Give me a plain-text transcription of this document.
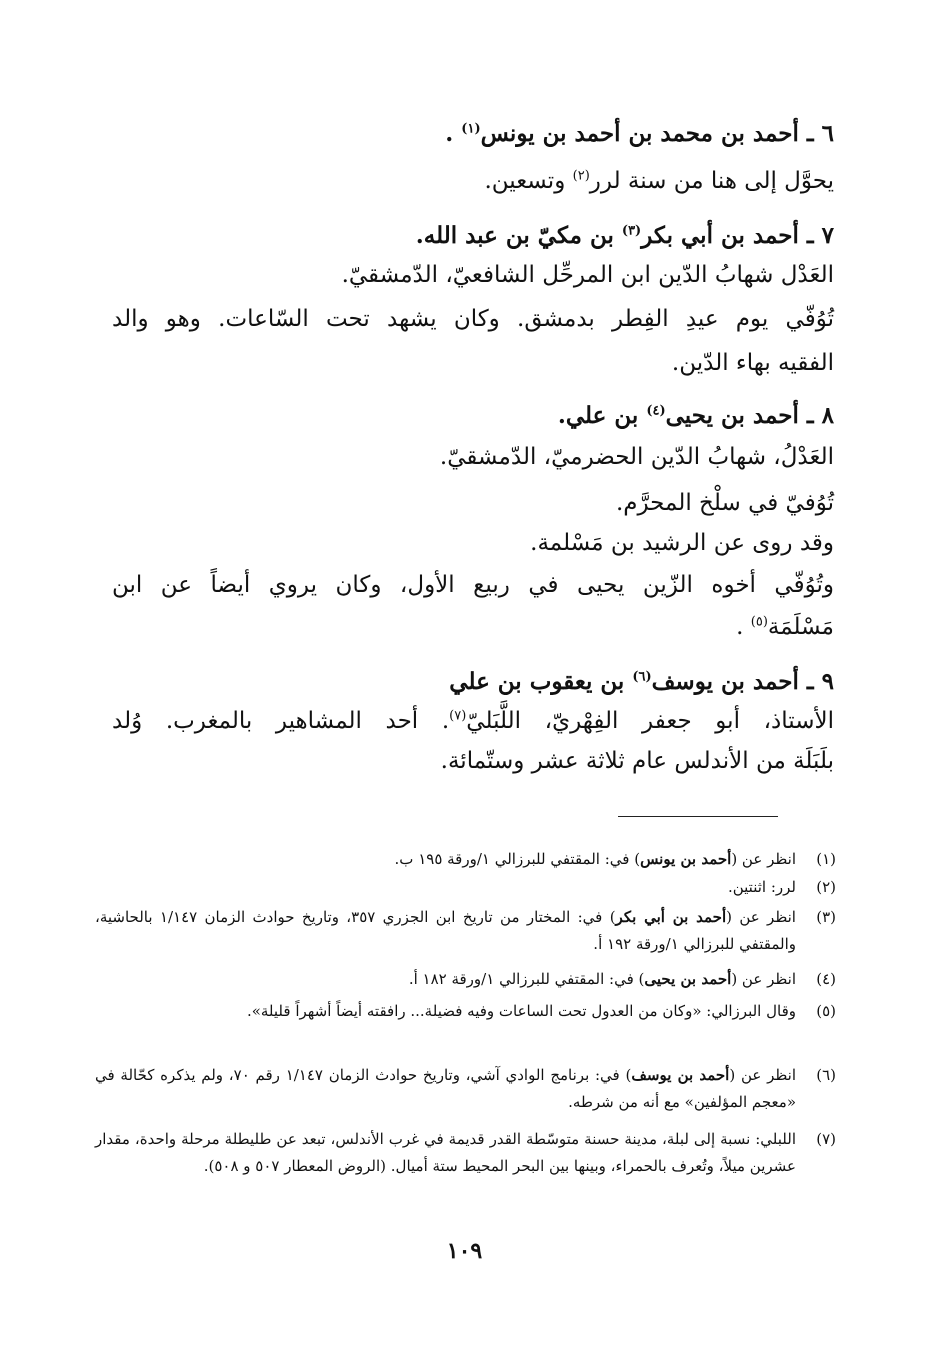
٦ ـ أحمد بن محمد بن أحمد بن يونس$^{(١)}$ .
يحوَّل إلى هنا من سنة لرر$^{(٢)}$ وتسعين.
٧ ـ أحمد بن أبي بكر$^{(٣)}$ بن مكيّ بن عبد الله.
العَدْل شهابُ الدّين ابن المرحِّل الشافعيّ، الدّمشقيّ.
تُوُفّي يوم عيدِ الفِطر بدمشق. وكان يشهد تحت السّاعات. وهو والد
الفقيه بهاء الدّين.
٨ ـ أحمد بن يحيى$^{(٤)}$ بن علي.
العَدْلُ، شهابُ الدّين الحضرميّ، الدّمشقيّ.
تُوُفيّ في سلْخ المحرَّم.
وقد روى عن الرشيد بن مَسْلمة.
وتُوُفّي أخوه الزّين يحيى في ربيع الأول، وكان يروي أيضاً عن ابن
مَسْلَمَة$^{(٥)}$ .
٩ ـ أحمد بن يوسف$^{(٦)}$ بن يعقوب بن علي
الأستاذ، أبو جعفر الفِهْريّ، اللَّبَليّ$^{(٧)}$. أحد المشاهير بالمغرب. وُلد
بلَبَلَة من الأندلس عام ثلاثة عشر وستّمائة.
(١)
انظر عن (أحمد بن يونس) في: المقتفي للبرزالي ١/ورقة ١٩٥ ب.
(٢)
لرر: اثنتين.
(٣)
انظر عن (أحمد بن أبي بكر) في: المختار من تاريخ ابن الجزري ٣٥٧، وتاريخ حوادث الزمان ١/١٤٧ بالحاشية، والمقتفي للبرزالي ١/ورقة ١٩٢ أ.
(٤)
انظر عن (أحمد بن يحيى) في: المقتفي للبرزالي ١/ورقة ١٨٢ أ.
(٥)
وقال البرزالي: «وكان من العدول تحت الساعات وفيه فضيلة... رافقته أيضاً أشهراً قليلة».
(٦)
انظر عن (أحمد بن يوسف) في: برنامج الوادي آشي، وتاريخ حوادث الزمان ١/١٤٧ رقم ٧٠، ولم يذكره كحّالة في «معجم المؤلفين» مع أنه من شرطه.
(٧)
اللبلي: نسبة إلى لبلة، مدينة حسنة متوسّطة القدر قديمة في غرب الأندلس، تبعد عن طليطلة مرحلة واحدة، مقدار عشرين ميلاً، وتُعرف بالحمراء، وبينها بين البحر المحيط ستة أميال. (الروض المعطار ٥٠٧ و ٥٠٨).
١٠٩
